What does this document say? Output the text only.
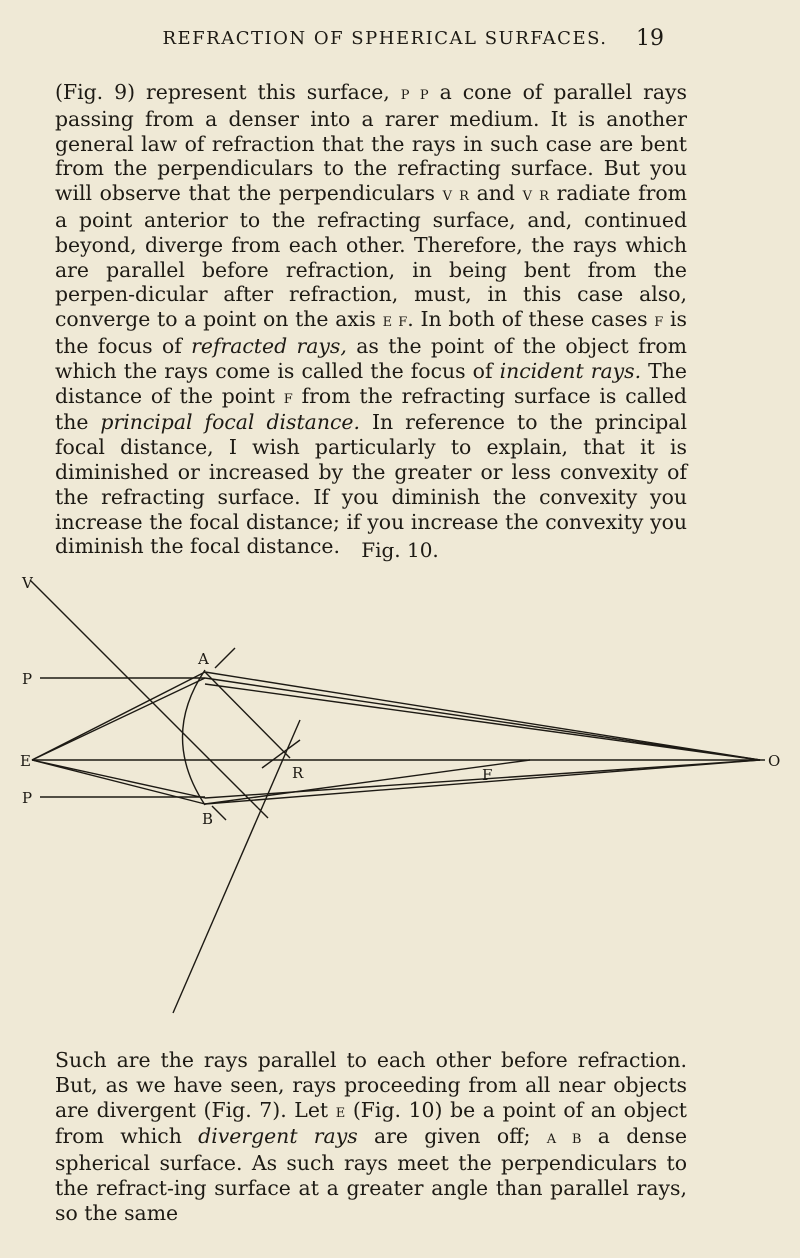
REFRACTION OF SPHERICAL SURFACES.	19

(Fig. 9) represent this surface, p p a cone of parallel rays passing from a denser into a rarer medium. It is another general law of refraction that the rays in such case are bent from the perpendiculars to the refracting surface. But you will observe that the perpendiculars v r and v r radiate from a point anterior to the refracting surface, and, continued beyond, diverge from each other. Therefore, the rays which are parallel before refraction, in being bent from the perpen-dicular after refraction, must, in this case also, converge to a point on the axis e f. In both of these cases f is the focus of refracted rays, as the point of the object from which the rays come is called the focus of incident rays. The distance of the point f from the refracting surface is called the principal focal distance. In reference to the principal focal distance, I wish particularly to explain, that it is diminished or increased by the greater or less convexity of the refracting surface. If you diminish the convexity you increase the focal distance; if you increase the convexity you diminish the focal distance.	Fig. 10.
V
P
E
P
A
R	F
B
O

Such are the rays parallel to each other before refraction. But, as we have seen, rays proceeding from all near objects are divergent (Fig. 7). Let e (Fig. 10) be a point of an object from which divergent rays are given off; a b a dense spherical surface. As such rays meet the perpendiculars to the refract-ing surface at a greater angle than parallel rays, so the same
